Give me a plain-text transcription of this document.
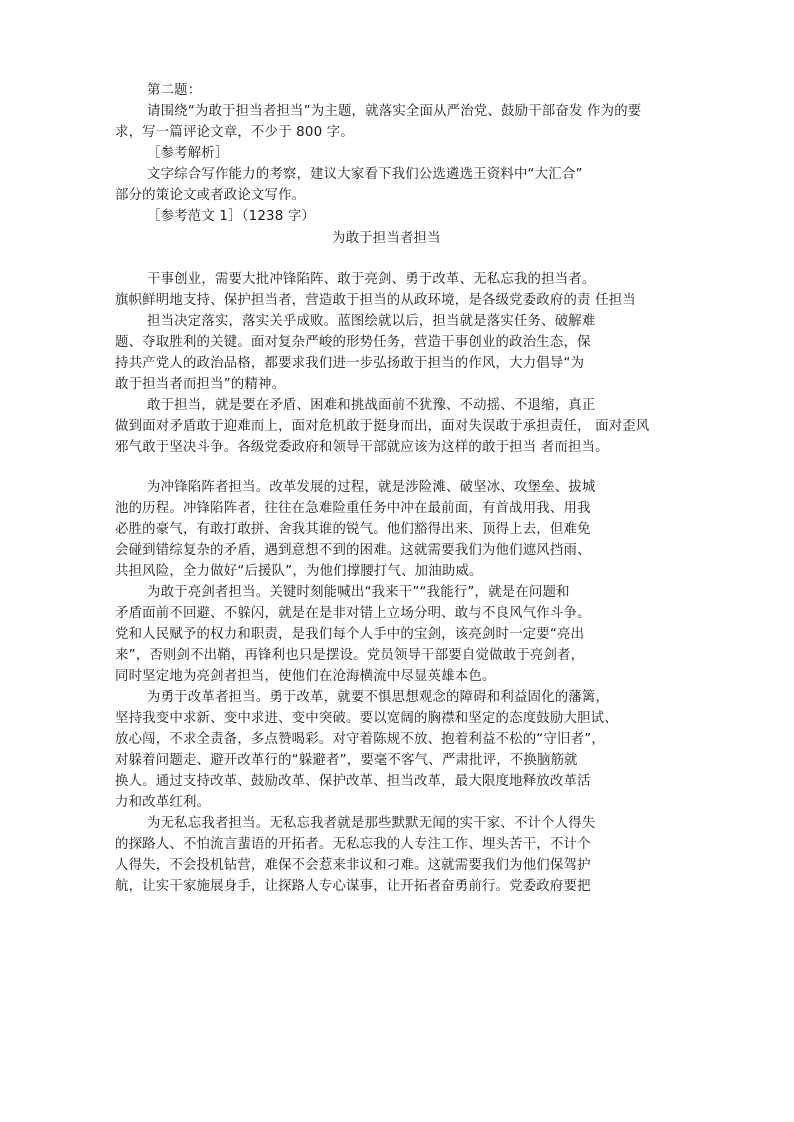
第二题：
请围绕“为敢于担当者担当”为主题，就落实全面从严治党、鼓励干部奋发 作为的要
求，写一篇评论文章，不少于 800 字。
［参考解析］
文字综合写作能力的考察，建议大家看下我们公选遴选王资料中“大汇合”
部分的策论文或者政论文写作。
［参考范文 1］（1238 字）
为敢于担当者担当
干事创业，需要大批冲锋陷阵、敢于亮剑、勇于改革、无私忘我的担当者。
旗帜鲜明地支持、保护担当者，营造敢于担当的从政环境，是各级党委政府的责 任担当
担当决定落实，落实关乎成败。蓝图绘就以后，担当就是落实任务、破解难
题、夺取胜利的关键。面对复杂严峻的形势任务，营造干事创业的政治生态，保
持共产党人的政治品格，都要求我们进一步弘扬敢于担当的作风，大力倡导“为
敢于担当者而担当”的精神。
敢于担当，就是要在矛盾、困难和挑战面前不犹豫、不动摇、不退缩，真正
做到面对矛盾敢于迎难而上，面对危机敢于挺身而出，面对失误敢于承担责任， 面对歪风
邪气敢于坚决斗争。各级党委政府和领导干部就应该为这样的敢于担当 者而担当。
为冲锋陷阵者担当。改革发展的过程，就是涉险滩、破坚冰、攻堡垒、拔城
池的历程。冲锋陷阵者，往往在急难险重任务中冲在最前面，有首战用我、用我
必胜的豪气，有敢打敢拼、舍我其谁的锐气。他们豁得出来、顶得上去，但难免
会碰到错综复杂的矛盾，遇到意想不到的困难。这就需要我们为他们遮风挡雨、
共担风险，全力做好“后援队”，为他们撑腰打气、加油助威。
为敢于亮剑者担当。关键时刻能喊出“我来干”“我能行”，就是在问题和
矛盾面前不回避、不躲闪，就是在是非对错上立场分明、敢与不良风气作斗争。
党和人民赋予的权力和职责，是我们每个人手中的宝剑，该亮剑时一定要“亮出
来”，否则剑不出鞘，再锋利也只是摆设。党员领导干部要自觉做敢于亮剑者，
同时坚定地为亮剑者担当，使他们在沧海横流中尽显英雄本色。
为勇于改革者担当。勇于改革，就要不惧思想观念的障碍和利益固化的藩篱，
坚持我变中求新、变中求进、变中突破。要以宽阔的胸襟和坚定的态度鼓励大胆试、
放心闯，不求全责备，多点赞喝彩。对守着陈规不放、抱着利益不松的“守旧者”，
对躲着问题走、避开改革行的“躲避者”，要毫不客气、严肃批评，不换脑筋就
换人。通过支持改革、鼓励改革、保护改革、担当改革，最大限度地释放改革活
力和改革红利。
为无私忘我者担当。无私忘我者就是那些默默无闻的实干家、不计个人得失
的探路人、不怕流言蜚语的开拓者。无私忘我的人专注工作、埋头苦干，不计个
人得失，不会投机钻营，难保不会惹来非议和刁难。这就需要我们为他们保驾护
航，让实干家施展身手，让探路人专心谋事，让开拓者奋勇前行。党委政府要把
